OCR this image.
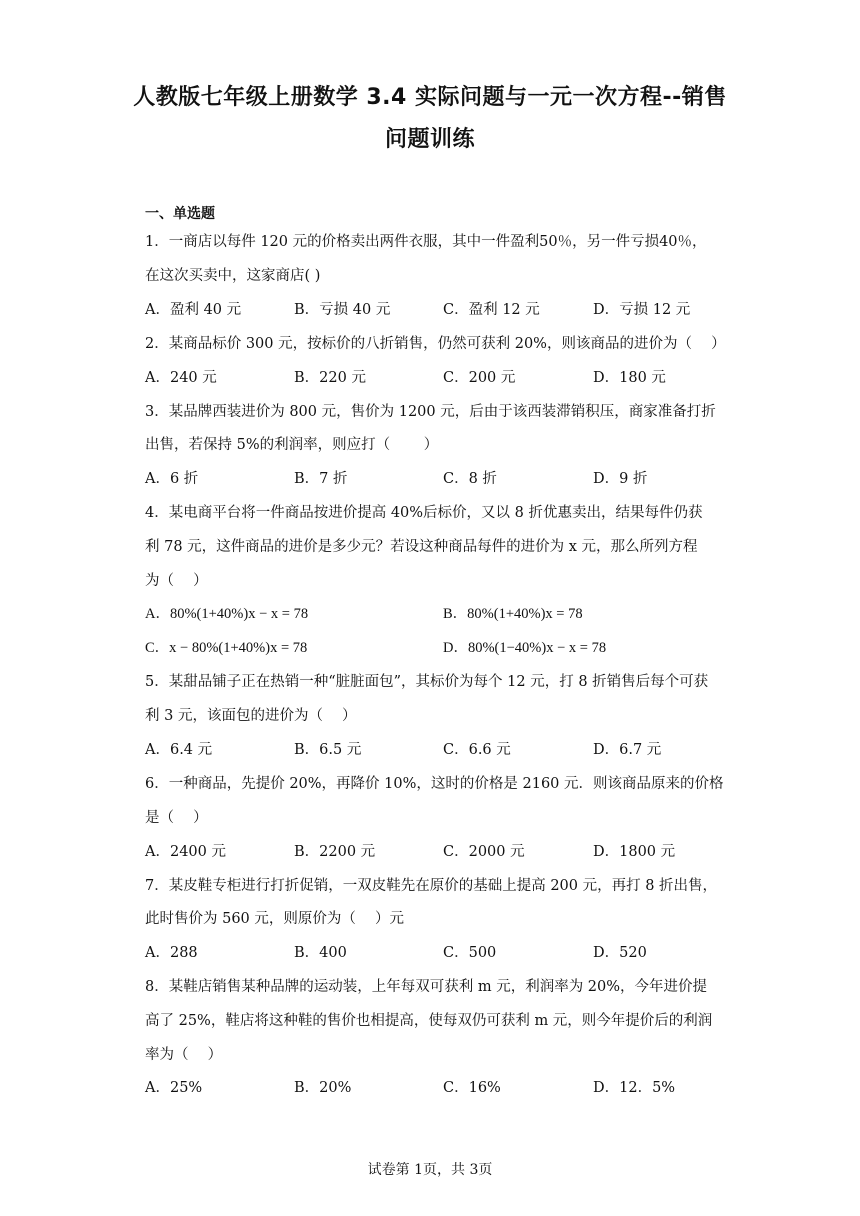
人教版七年级上册数学 3.4 实际问题与一元一次方程--销售
问题训练
一、单选题
1．一商店以每件 120 元的价格卖出两件衣服，其中一件盈利50％，另一件亏损40％，
在这次买卖中，这家商店( )
A．盈利 40 元	B．亏损 40 元	C．盈利 12 元	D．亏损 12 元
2．某商品标价 300 元，按标价的八折销售，仍然可获利 20%，则该商品的进价为（　 ）
A．240 元	B．220 元	C．200 元	D．180 元
3．某品牌西装进价为 800 元，售价为 1200 元，后由于该西装滞销积压，商家准备打折
出售，若保持 5%的利润率，则应打（　　 ）
A．6 折	B．7 折	C．8 折	D．9 折
4．某电商平台将一件商品按进价提高 40%后标价，又以 8 折优惠卖出，结果每件仍获
利 78 元，这件商品的进价是多少元？若设这种商品每件的进价为 x 元，那么所列方程
为（　 ）
A．80%(1+40%)x − x = 78	B．80%(1+40%)x = 78
C．x − 80%(1+40%)x = 78	D．80%(1−40%)x − x = 78
5．某甜品铺子正在热销一种“脏脏面包”，其标价为每个 12 元，打 8 折销售后每个可获
利 3 元，该面包的进价为（　 ）
A．6.4 元	B．6.5 元	C．6.6 元	D．6.7 元
6．一种商品，先提价 20%，再降价 10%，这时的价格是 2160 元．则该商品原来的价格
是（　 ）
A．2400 元	B．2200 元	C．2000 元	D．1800 元
7．某皮鞋专柜进行打折促销，一双皮鞋先在原价的基础上提高 200 元，再打 8 折出售，
此时售价为 560 元，则原价为（　 ）元
A．288	B．400	C．500	D．520
8．某鞋店销售某种品牌的运动装，上年每双可获利 m 元，利润率为 20%，今年进价提
高了 25%，鞋店将这种鞋的售价也相提高，使每双仍可获利 m 元，则今年提价后的利润
率为（　 ）
A．25%	B．20%	C．16%	D．12．5%
试卷第 1页，共 3页
